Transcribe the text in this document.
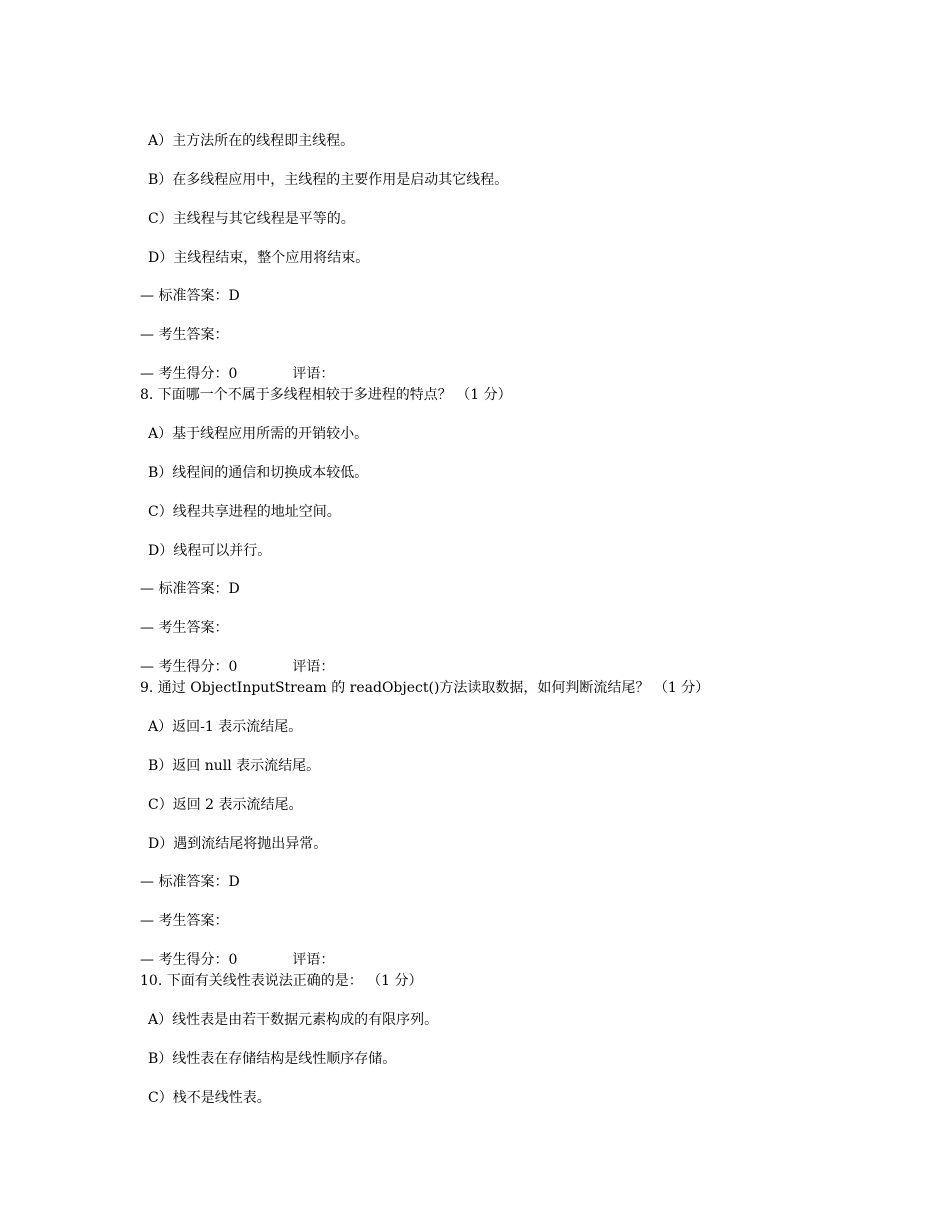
A）主方法所在的线程即主线程。
B）在多线程应用中，主线程的主要作用是启动其它线程。
C）主线程与其它线程是平等的。
D）主线程结束，整个应用将结束。
— 标准答案：D
— 考生答案：
— 考生得分：0	评语：
8. 下面哪一个不属于多线程相较于多进程的特点？ （1 分）
A）基于线程应用所需的开销较小。
B）线程间的通信和切换成本较低。
C）线程共享进程的地址空间。
D）线程可以并行。
— 标准答案：D
— 考生答案：
— 考生得分：0	评语：
9. 通过 ObjectInputStream 的 readObject()方法读取数据，如何判断流结尾？ （1 分）
A）返回-1 表示流结尾。
B）返回 null 表示流结尾。
C）返回 2 表示流结尾。
D）遇到流结尾将抛出异常。
— 标准答案：D
— 考生答案：
— 考生得分：0	评语：
10. 下面有关线性表说法正确的是： （1 分）
A）线性表是由若干数据元素构成的有限序列。
B）线性表在存储结构是线性顺序存储。
C）栈不是线性表。
